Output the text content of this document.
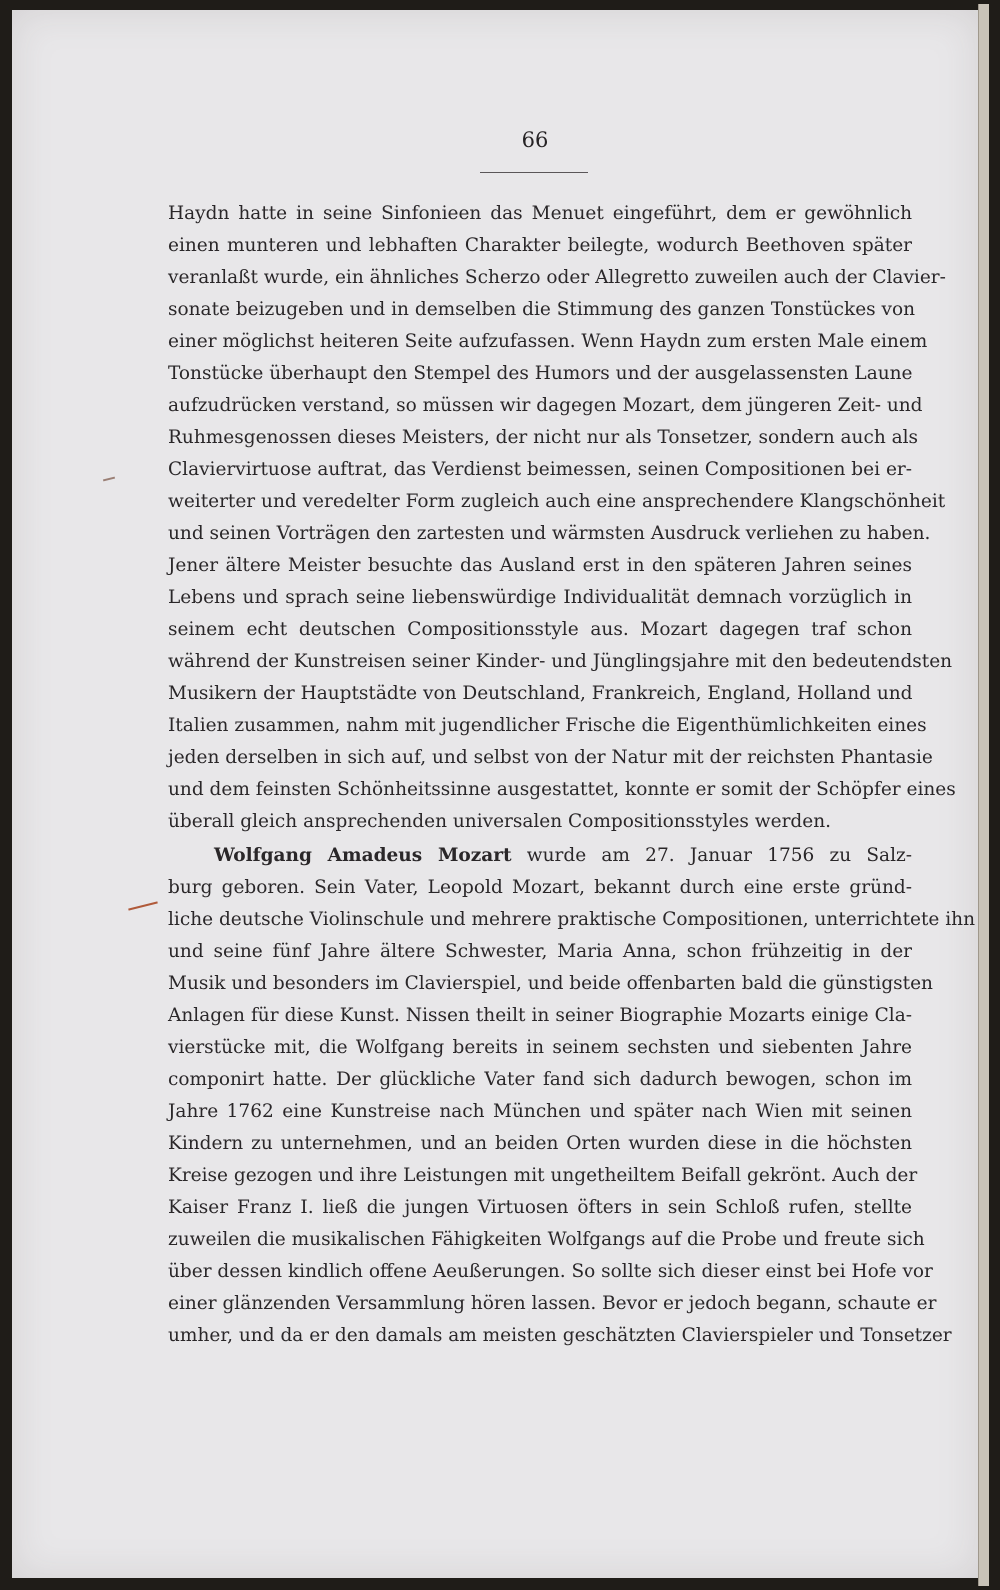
66
Haydn hatte in seine Sinfonieen das Menuet eingeführt, dem er gewöhnlich
einen munteren und lebhaften Charakter beilegte, wodurch Beethoven später
veranlaßt wurde, ein ähnliches Scherzo oder Allegretto zuweilen auch der Clavier-
sonate beizugeben und in demselben die Stimmung des ganzen Tonstückes von
einer möglichst heiteren Seite aufzufassen. Wenn Haydn zum ersten Male einem
Tonstücke überhaupt den Stempel des Humors und der ausgelassensten Laune
aufzudrücken verstand, so müssen wir dagegen Mozart, dem jüngeren Zeit- und
Ruhmesgenossen dieses Meisters, der nicht nur als Tonsetzer, sondern auch als
Claviervirtuose auftrat, das Verdienst beimessen, seinen Compositionen bei er-
weiterter und veredelter Form zugleich auch eine ansprechendere Klangschönheit
und seinen Vorträgen den zartesten und wärmsten Ausdruck verliehen zu haben.
Jener ältere Meister besuchte das Ausland erst in den späteren Jahren seines
Lebens und sprach seine liebenswürdige Individualität demnach vorzüglich in
seinem echt deutschen Compositionsstyle aus. Mozart dagegen traf schon
während der Kunstreisen seiner Kinder- und Jünglingsjahre mit den bedeutendsten
Musikern der Hauptstädte von Deutschland, Frankreich, England, Holland und
Italien zusammen, nahm mit jugendlicher Frische die Eigenthümlichkeiten eines
jeden derselben in sich auf, und selbst von der Natur mit der reichsten Phantasie
und dem feinsten Schönheitssinne ausgestattet, konnte er somit der Schöpfer eines
überall gleich ansprechenden universalen Compositionsstyles werden.
Wolfgang Amadeus Mozart wurde am 27. Januar 1756 zu Salz-
burg geboren. Sein Vater, Leopold Mozart, bekannt durch eine erste gründ-
liche deutsche Violinschule und mehrere praktische Compositionen, unterrichtete ihn
und seine fünf Jahre ältere Schwester, Maria Anna, schon frühzeitig in der
Musik und besonders im Clavierspiel, und beide offenbarten bald die günstigsten
Anlagen für diese Kunst. Nissen theilt in seiner Biographie Mozarts einige Cla-
vierstücke mit, die Wolfgang bereits in seinem sechsten und siebenten Jahre
componirt hatte. Der glückliche Vater fand sich dadurch bewogen, schon im
Jahre 1762 eine Kunstreise nach München und später nach Wien mit seinen
Kindern zu unternehmen, und an beiden Orten wurden diese in die höchsten
Kreise gezogen und ihre Leistungen mit ungetheiltem Beifall gekrönt. Auch der
Kaiser Franz I. ließ die jungen Virtuosen öfters in sein Schloß rufen, stellte
zuweilen die musikalischen Fähigkeiten Wolfgangs auf die Probe und freute sich
über dessen kindlich offene Aeußerungen. So sollte sich dieser einst bei Hofe vor
einer glänzenden Versammlung hören lassen. Bevor er jedoch begann, schaute er
umher, und da er den damals am meisten geschätzten Clavierspieler und Tonsetzer
